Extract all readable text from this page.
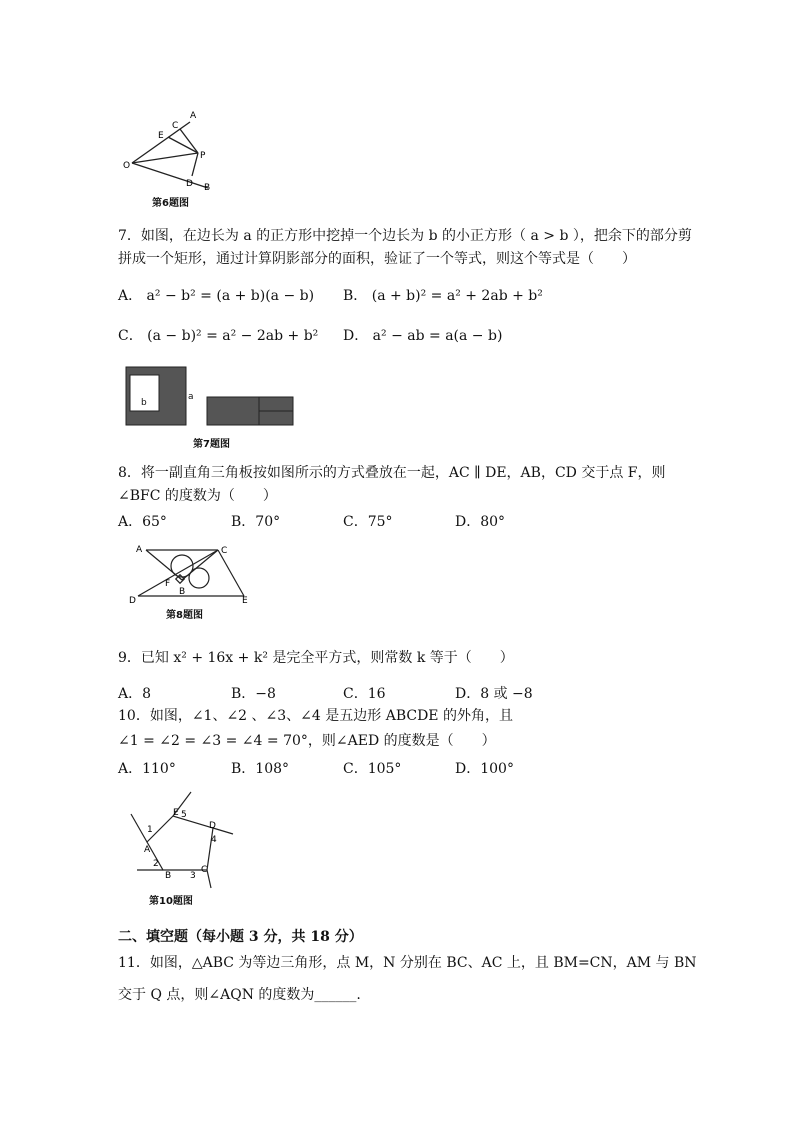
A
C
E
O
P
D B
第6题图
7．如图，在边长为 a 的正方形中挖掉一个边长为 b 的小正方形（ a > b ），把余下的部分剪
拼成一个矩形，通过计算阴影部分的面积，验证了一个等式，则这个等式是（　　）
A． a² − b² = (a + b)(a − b) B． (a + b)² = a² + 2ab + b²
C． (a − b)² = a² − 2ab + b² D． a² − ab = a(a − b)
b
a
第7题图
8．将一副直角三角板按如图所示的方式叠放在一起，AC ∥ DE，AB，CD 交于点 F，则
∠BFC 的度数为（　　）
A．65°	B．70°	C．75°	D．80°
A	C
F
B
D	E
第8题图
9．已知 x² + 16x + k² 是完全平方式，则常数 k 等于（　　）
A．8	B．−8	C．16	D．8 或 −8
10．如图，∠1、∠2 、∠3、∠4 是五边形 ABCDE 的外角，且
∠1 = ∠2 = ∠3 = ∠4 = 70°，则∠AED 的度数是（　　）
A．110°	B．108°	C．105°	D．100°
E 5
D
4
1
A
2
B 3
C
第10题图
二、填空题（每小题 3 分，共 18 分）
11．如图，△ABC 为等边三角形，点 M，N 分别在 BC、AC 上，且 BM=CN，AM 与 BN
交于 Q 点，则∠AQN 的度数为______.
